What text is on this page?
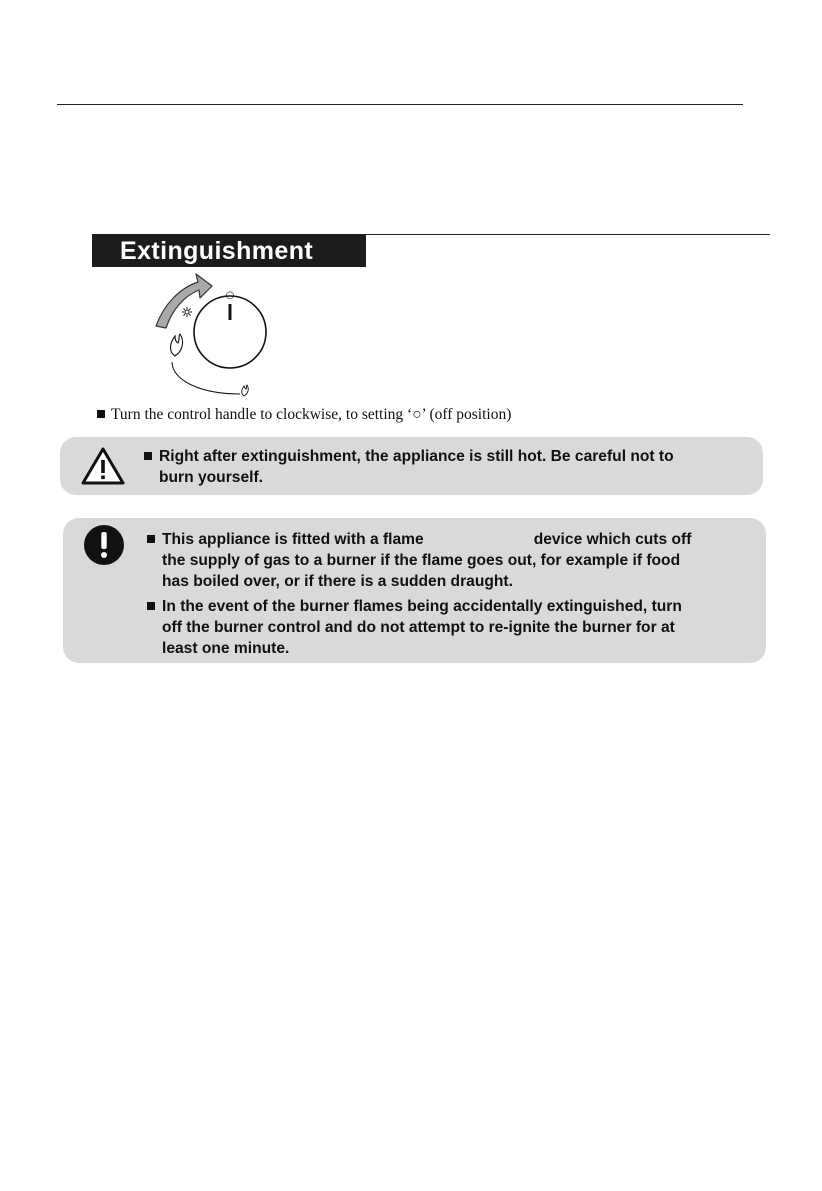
Extinguishment
○
Turn the control handle to clockwise, to setting ‘○’ (off position)
Right after extinguishment, the appliance is still hot. Be careful not to
burn yourself.
This appliance is fitted with a flame	device which cuts off
the supply of gas to a burner if the flame goes out, for example if food
has boiled over, or if there is a sudden draught.
In the event of the burner flames being accidentally extinguished, turn
off the burner control and do not attempt to re-ignite the burner for at
least one minute.
